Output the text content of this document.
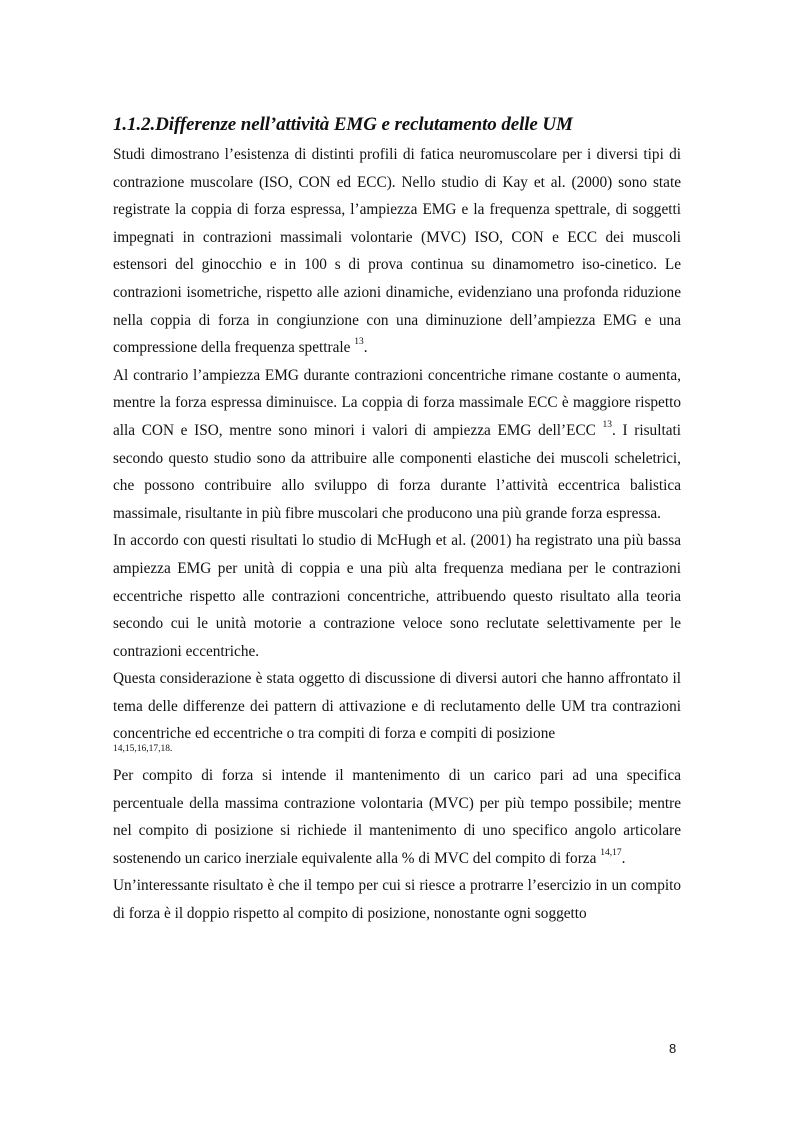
1.1.2.Differenze nell’attività EMG e reclutamento delle UM

Studi dimostrano l’esistenza di distinti profili di fatica neuromuscolare per i diversi tipi di contrazione muscolare (ISO, CON ed ECC). Nello studio di Kay et al. (2000) sono state registrate la coppia di forza espressa, l’ampiezza EMG e la frequenza spettrale, di soggetti impegnati in contrazioni massimali volontarie (MVC) ISO, CON e ECC dei muscoli estensori del ginocchio e in 100 s di prova continua su dinamometro iso-cinetico. Le contrazioni isometriche, rispetto alle azioni dinamiche, evidenziano una profonda riduzione nella coppia di forza in congiunzione con una diminuzione dell’ampiezza EMG e una compressione della frequenza spettrale $^{13}$.

Al contrario l’ampiezza EMG durante contrazioni concentriche rimane costante o aumenta, mentre la forza espressa diminuisce. La coppia di forza massimale ECC è maggiore rispetto alla CON e ISO, mentre sono minori i valori di ampiezza EMG dell’ECC $^{13}$. I risultati secondo questo studio sono da attribuire alle componenti elastiche dei muscoli scheletrici, che possono contribuire allo sviluppo di forza durante l’attività eccentrica balistica massimale, risultante in più fibre muscolari che producono una più grande forza espressa.

In accordo con questi risultati lo studio di McHugh et al. (2001) ha registrato una più bassa ampiezza EMG per unità di coppia e una più alta frequenza mediana per le contrazioni eccentriche rispetto alle contrazioni concentriche, attribuendo questo risultato alla teoria secondo cui le unità motorie a contrazione veloce sono reclutate selettivamente per le contrazioni eccentriche.

Questa considerazione è stata oggetto di discussione di diversi autori che hanno affrontato il tema delle differenze dei pattern di attivazione e di reclutamento delle UM tra contrazioni concentriche ed eccentriche o tra compiti di forza e compiti di posizione

14,15,16,17,18.

Per compito di forza si intende il mantenimento di un carico pari ad una specifica percentuale della massima contrazione volontaria (MVC) per più tempo possibile; mentre nel compito di posizione si richiede il mantenimento di uno specifico angolo articolare sostenendo un carico inerziale equivalente alla % di MVC del compito di forza $^{14,17}$.

Un’interessante risultato è che il tempo per cui si riesce a protrarre l’esercizio in un compito di forza è il doppio rispetto al compito di posizione, nonostante ogni soggetto

8
